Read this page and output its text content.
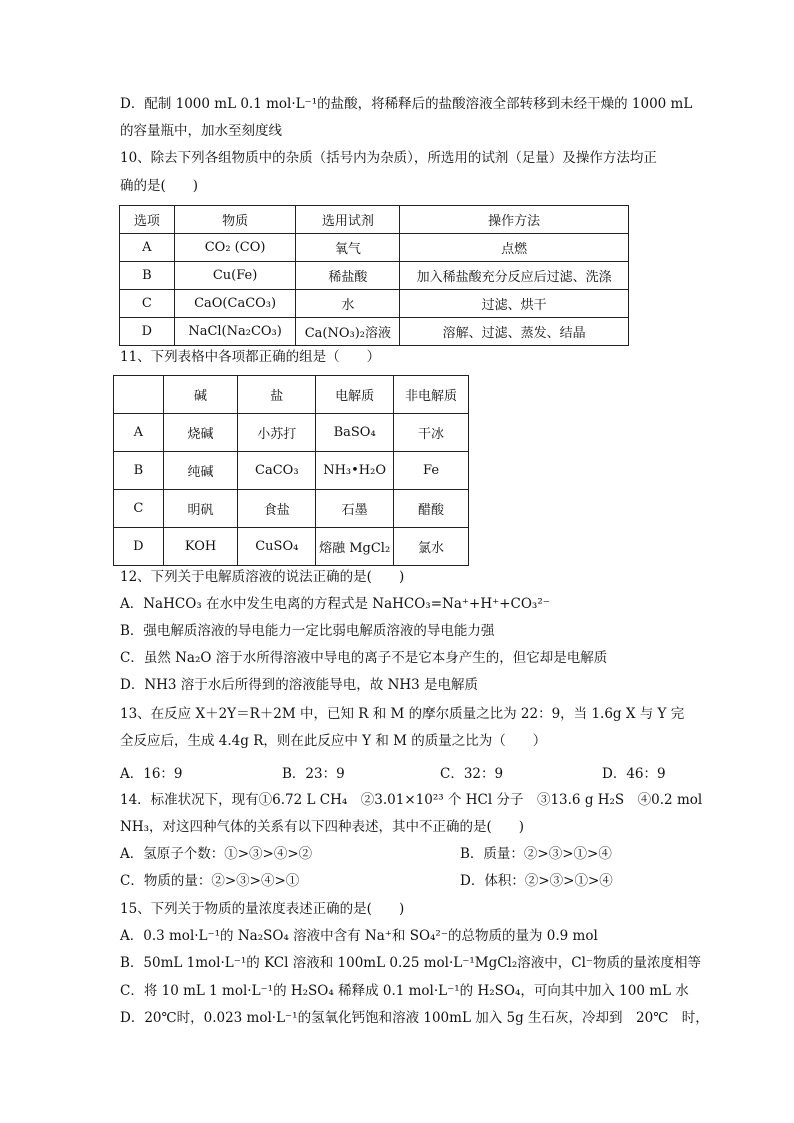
D．配制 1000 mL 0.1 mol·L⁻¹的盐酸，将稀释后的盐酸溶液全部转移到未经干燥的 1000 mL
的容量瓶中，加水至刻度线
10、除去下列各组物质中的杂质（括号内为杂质），所选用的试剂（足量）及操作方法均正
确的是(　　)
选项	物质	选用试剂	操作方法
A	CO₂ (CO)	氧气	点燃
B	Cu(Fe)	稀盐酸	加入稀盐酸充分反应后过滤、洗涤
C	CaO(CaCO₃)	水	过滤、烘干
D	NaCl(Na₂CO₃)	Ca(NO₃)₂溶液	溶解、过滤、蒸发、结晶
11、下列表格中各项都正确的组是（　　）
	碱	盐	电解质	非电解质
A	烧碱	小苏打	BaSO₄	干冰
B	纯碱	CaCO₃	NH₃•H₂O	Fe
C	明矾	食盐	石墨	醋酸
D	KOH	CuSO₄	熔融 MgCl₂	氯水
12、下列关于电解质溶液的说法正确的是(　　)
A．NaHCO₃ 在水中发生电离的方程式是 NaHCO₃=Na⁺+H⁺+CO₃²⁻
B．强电解质溶液的导电能力一定比弱电解质溶液的导电能力强
C．虽然 Na₂O 溶于水所得溶液中导电的离子不是它本身产生的，但它却是电解质
D．NH3 溶于水后所得到的溶液能导电，故 NH3 是电解质
13、在反应 X＋2Y＝R＋2M 中，已知 R 和 M 的摩尔质量之比为 22：9，当 1.6g X 与 Y 完
全反应后，生成 4.4g R，则在此反应中 Y 和 M 的质量之比为（　　）
A．16：9	B．23：9	C．32：9	D．46：9
14．标准状况下，现有①6.72 L CH₄　②3.01×10²³ 个 HCl 分子　③13.6 g H₂S　④0.2 mol
NH₃，对这四种气体的关系有以下四种表述，其中不正确的是(　　)
A．氢原子个数：①>③>④>②	B．质量：②>③>①>④
C．物质的量：②>③>④>①	D．体积：②>③>①>④
15、下列关于物质的量浓度表述正确的是(　　)
A．0.3 mol·L⁻¹的 Na₂SO₄ 溶液中含有 Na⁺和 SO₄²⁻的总物质的量为 0.9 mol
B．50mL 1mol·L⁻¹的 KCl 溶液和 100mL 0.25 mol·L⁻¹MgCl₂溶液中，Cl⁻物质的量浓度相等
C．将 10 mL 1 mol·L⁻¹的 H₂SO₄ 稀释成 0.1 mol·L⁻¹的 H₂SO₄，可向其中加入 100 mL 水
D．20℃时，0.023 mol·L⁻¹的氢氧化钙饱和溶液 100mL 加入 5g 生石灰，冷却到　20℃　时，
